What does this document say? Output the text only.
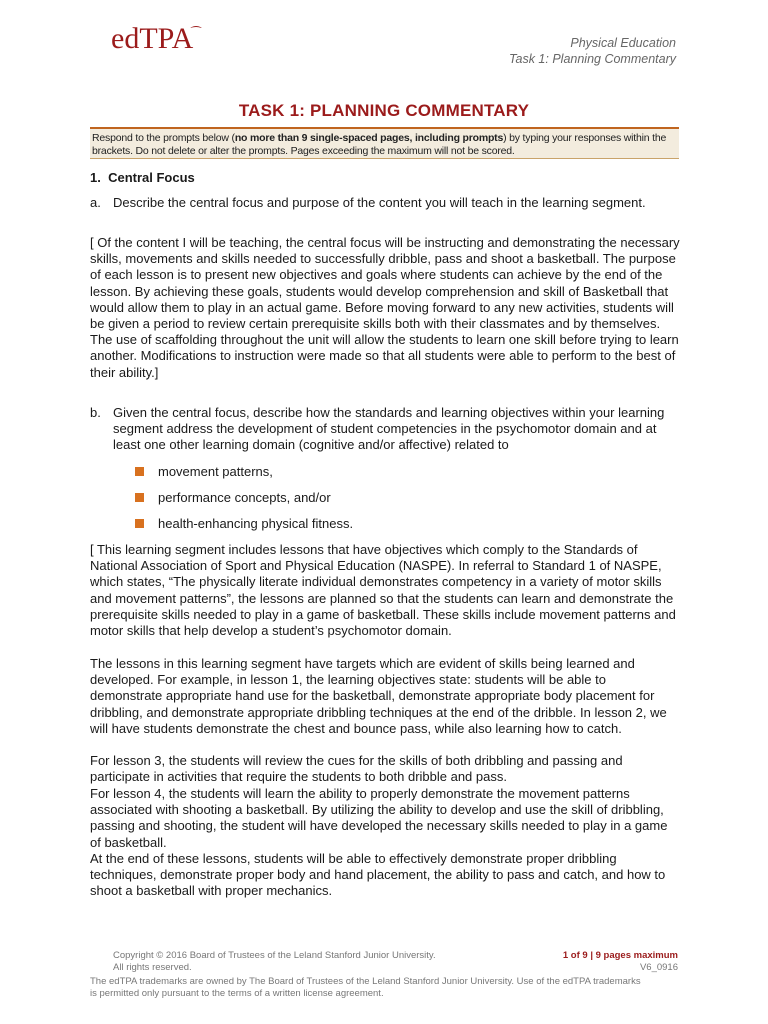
edTPA⁀
Physical Education
Task 1: Planning Commentary
TASK 1: PLANNING COMMENTARY
Respond to the prompts below (no more than 9 single-spaced pages, including prompts) by typing your responses within the brackets. Do not delete or alter the prompts. Pages exceeding the maximum will not be scored.
1. Central Focus
a. Describe the central focus and purpose of the content you will teach in the learning segment.
[ Of the content I will be teaching, the central focus will be instructing and demonstrating the necessary skills, movements and skills needed to successfully dribble, pass and shoot a basketball. The purpose of each lesson is to present new objectives and goals where students can achieve by the end of the lesson. By achieving these goals, students would develop comprehension and skill of Basketball that would allow them to play in an actual game. Before moving forward to any new activities, students will be given a period to review certain prerequisite skills both with their classmates and by themselves. The use of scaffolding throughout the unit will allow the students to learn one skill before trying to learn another. Modifications to instruction were made so that all students were able to perform to the best of their ability.]
b. Given the central focus, describe how the standards and learning objectives within your learning segment address the development of student competencies in the psychomotor domain and at least one other learning domain (cognitive and/or affective) related to
movement patterns,
performance concepts, and/or
health-enhancing physical fitness.
[ This learning segment includes lessons that have objectives which comply to the Standards of National Association of Sport and Physical Education (NASPE). In referral to Standard 1 of NASPE, which states, “The physically literate individual demonstrates competency in a variety of motor skills and movement patterns”, the lessons are planned so that the students can learn and demonstrate the prerequisite skills needed to play in a game of basketball. These skills include movement patterns and motor skills that help develop a student’s psychomotor domain.
The lessons in this learning segment have targets which are evident of skills being learned and developed. For example, in lesson 1, the learning objectives state: students will be able to demonstrate appropriate hand use for the basketball, demonstrate appropriate body placement for dribbling, and demonstrate appropriate dribbling techniques at the end of the dribble. In lesson 2, we will have students demonstrate the chest and bounce pass, while also learning how to catch.
For lesson 3, the students will review the cues for the skills of both dribbling and passing and participate in activities that require the students to both dribble and pass.
For lesson 4, the students will learn the ability to properly demonstrate the movement patterns associated with shooting a basketball. By utilizing the ability to develop and use the skill of dribbling, passing and shooting, the student will have developed the necessary skills needed to play in a game of basketball.
At the end of these lessons, students will be able to effectively demonstrate proper dribbling techniques, demonstrate proper body and hand placement, the ability to pass and catch, and how to shoot a basketball with proper mechanics.
Copyright © 2016 Board of Trustees of the Leland Stanford Junior University.
All rights reserved.
1 of 9 | 9 pages maximum
V6_0916
The edTPA trademarks are owned by The Board of Trustees of the Leland Stanford Junior University. Use of the edTPA trademarks is permitted only pursuant to the terms of a written license agreement.
